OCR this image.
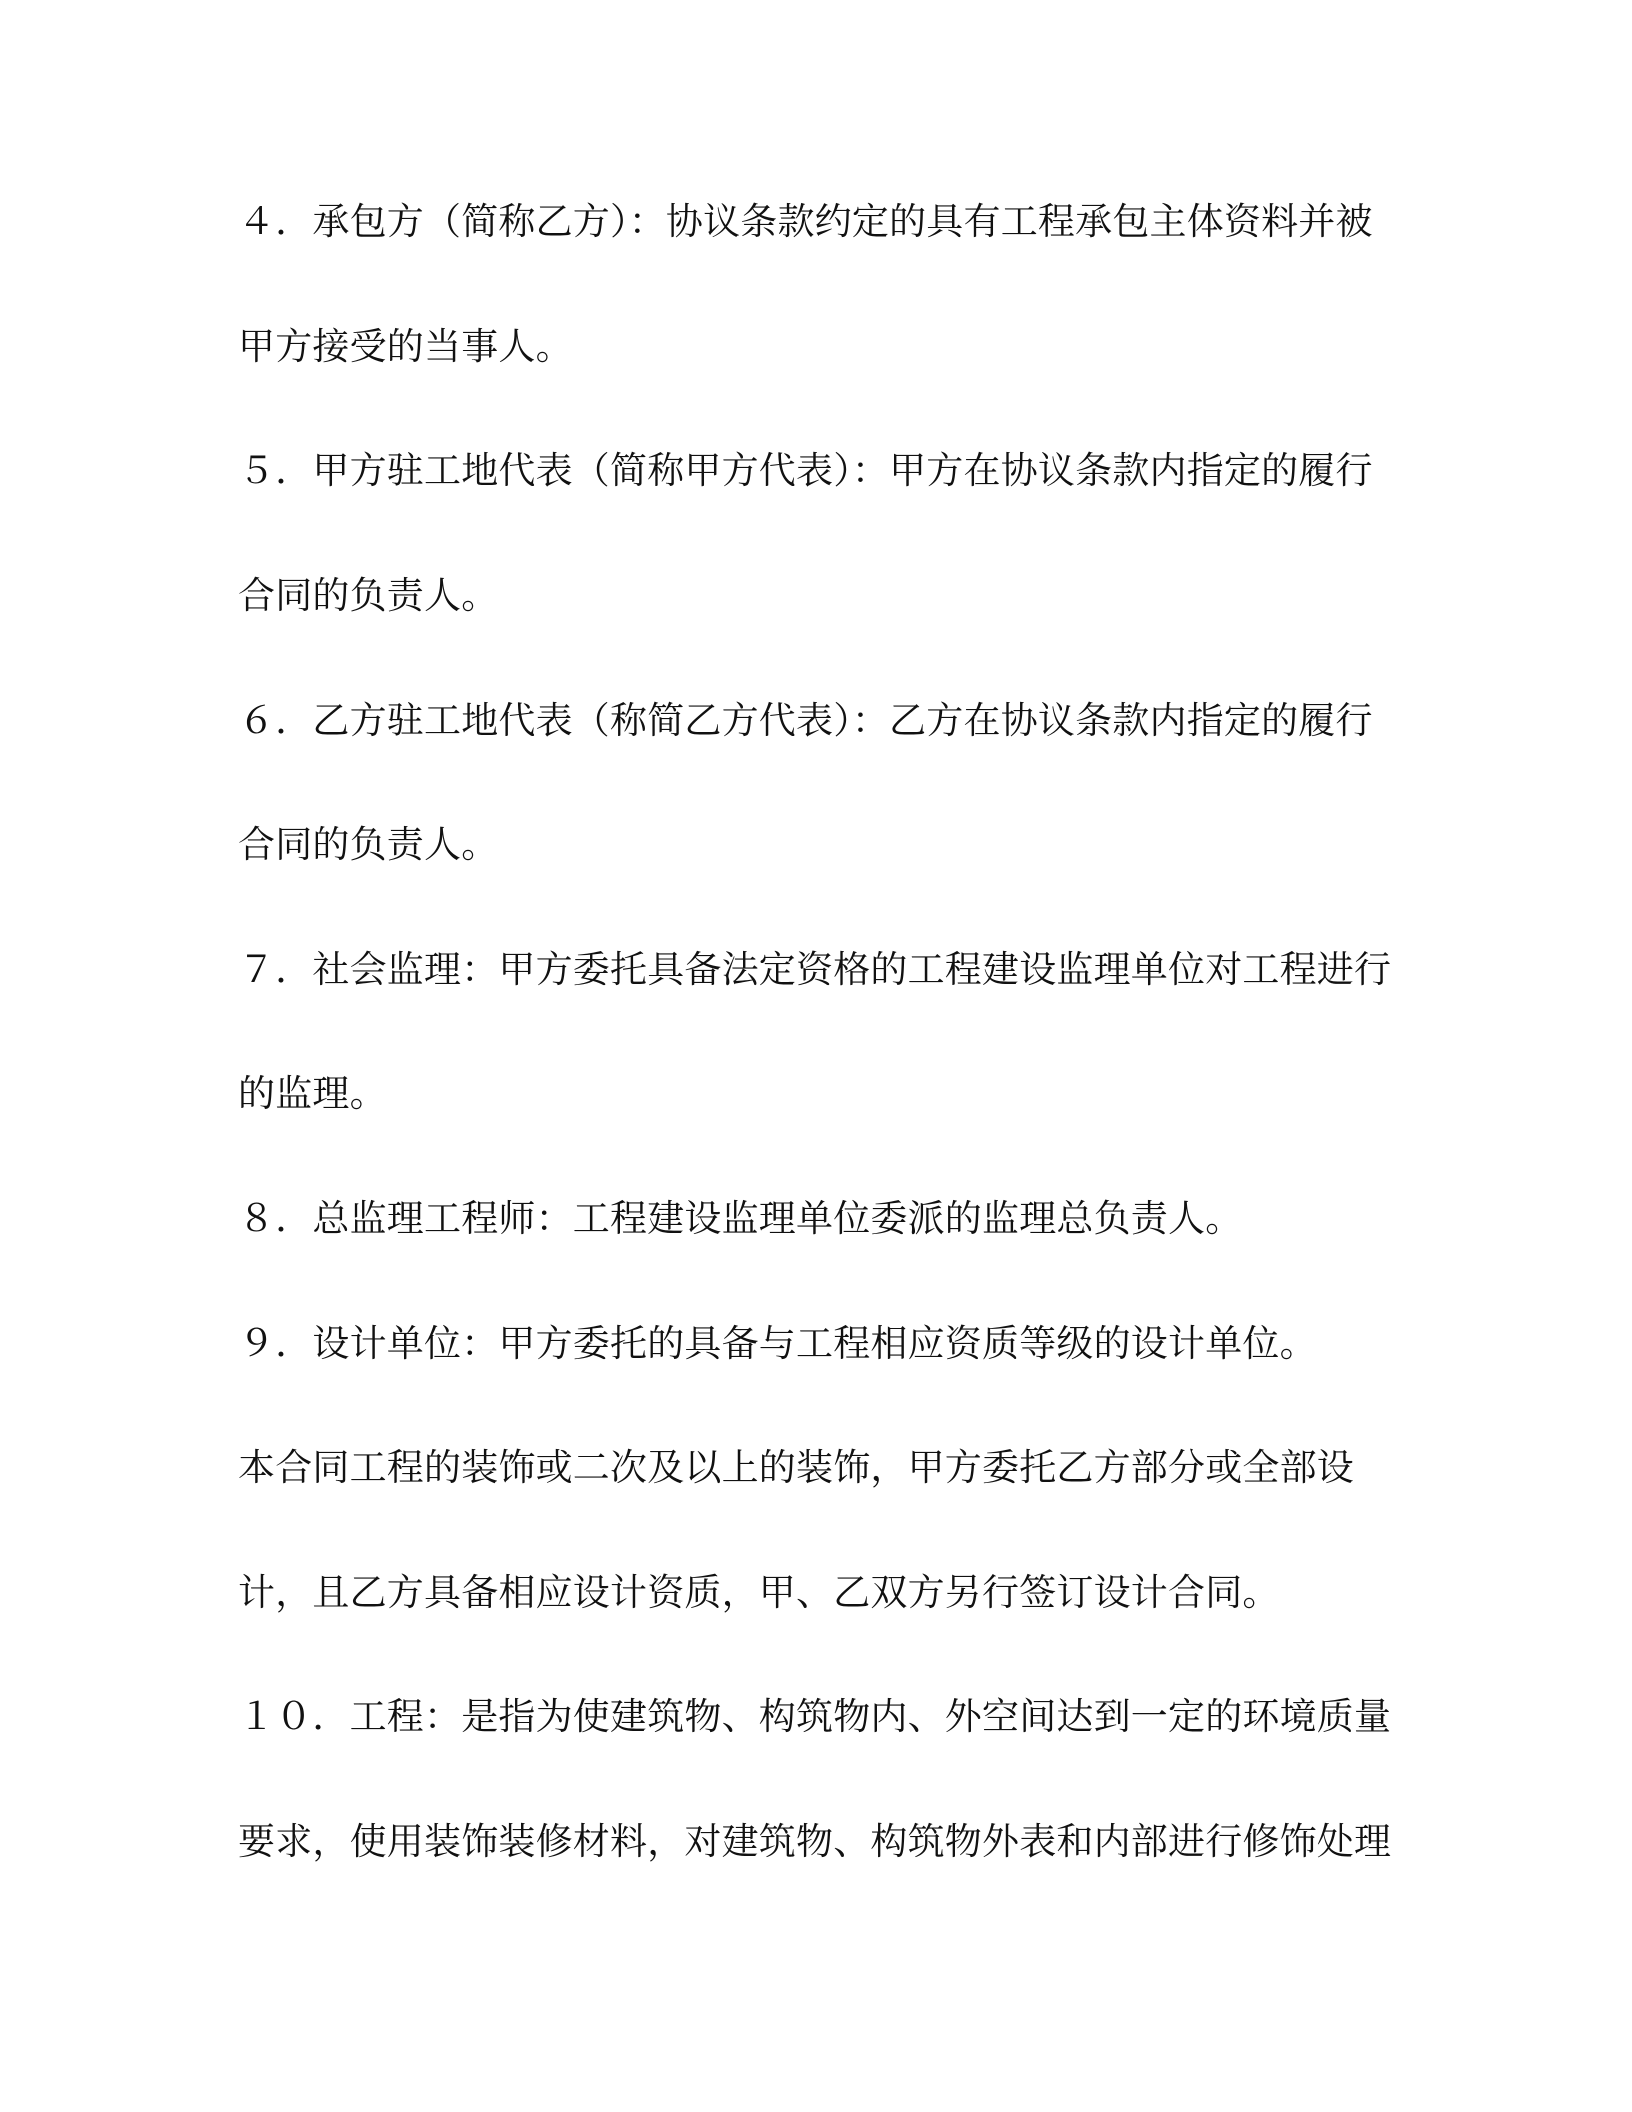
４．承包方（简称乙方）：协议条款约定的具有工程承包主体资料并被
甲方接受的当事人。
５．甲方驻工地代表（简称甲方代表）：甲方在协议条款内指定的履行
合同的负责人。
６．乙方驻工地代表（称简乙方代表）：乙方在协议条款内指定的履行
合同的负责人。
７．社会监理：甲方委托具备法定资格的工程建设监理单位对工程进行
的监理。
８．总监理工程师：工程建设监理单位委派的监理总负责人。
９．设计单位：甲方委托的具备与工程相应资质等级的设计单位。
本合同工程的装饰或二次及以上的装饰，甲方委托乙方部分或全部设
计，且乙方具备相应设计资质，甲、乙双方另行签订设计合同。
１０．工程：是指为使建筑物、构筑物内、外空间达到一定的环境质量
要求，使用装饰装修材料，对建筑物、构筑物外表和内部进行修饰处理
